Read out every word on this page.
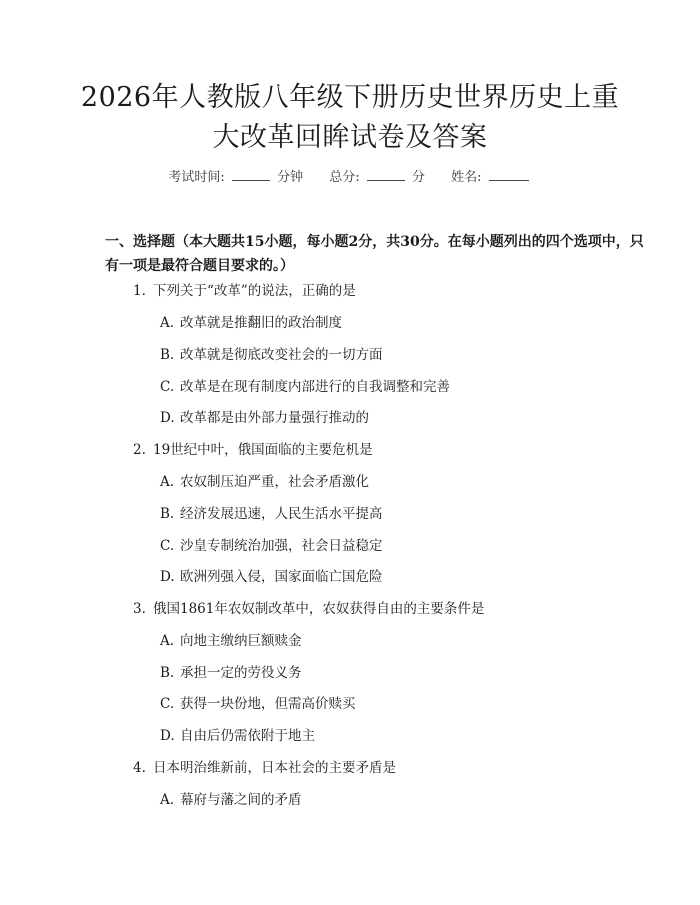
2026年人教版八年级下册历史世界历史上重
大改革回眸试卷及答案
考试时间:	分钟 总分:	分 姓名:
一、选择题（本大题共15小题，每小题2分，共30分。在每小题列出的四个选项中，只有一项是最符合题目要求的。）
1. 下列关于“改革”的说法，正确的是
A. 改革就是推翻旧的政治制度
B. 改革就是彻底改变社会的一切方面
C. 改革是在现有制度内部进行的自我调整和完善
D. 改革都是由外部力量强行推动的
2. 19世纪中叶，俄国面临的主要危机是
A. 农奴制压迫严重，社会矛盾激化
B. 经济发展迅速，人民生活水平提高
C. 沙皇专制统治加强，社会日益稳定
D. 欧洲列强入侵，国家面临亡国危险
3. 俄国1861年农奴制改革中，农奴获得自由的主要条件是
A. 向地主缴纳巨额赎金
B. 承担一定的劳役义务
C. 获得一块份地，但需高价赎买
D. 自由后仍需依附于地主
4. 日本明治维新前，日本社会的主要矛盾是
A. 幕府与藩之间的矛盾
